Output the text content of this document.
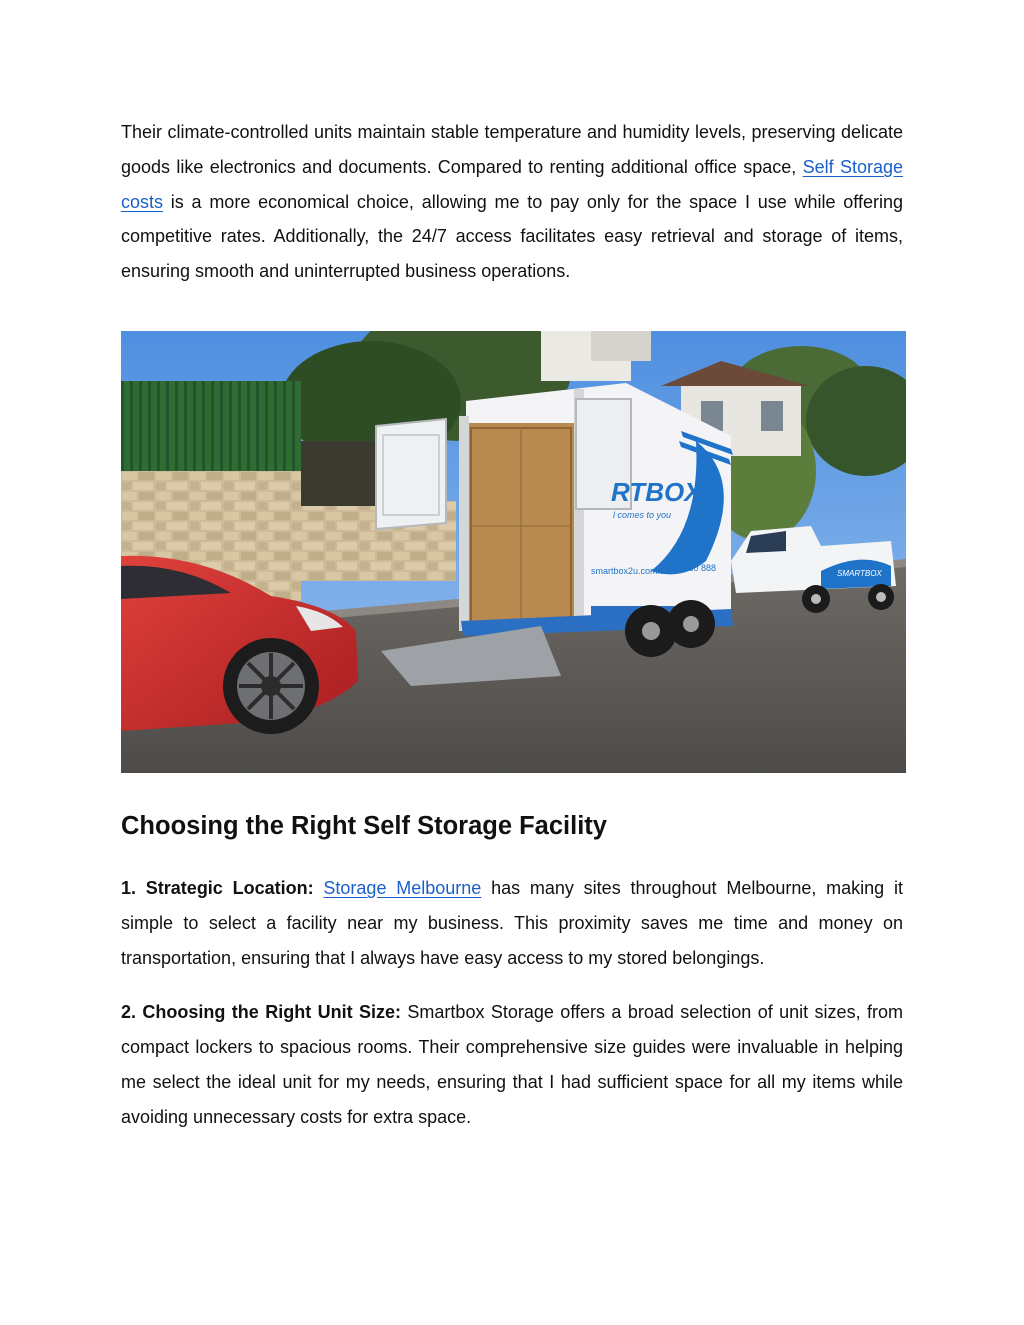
Their climate-controlled units maintain stable temperature and humidity levels, preserving delicate goods like electronics and documents. Compared to renting additional office space, Self Storage costs is a more economical choice, allowing me to pay only for the space I use while offering competitive rates. Additionally, the 24/7 access facilitates easy retrieval and storage of items, ensuring smooth and uninterrupted business operations.

RTBOX
l comes to you
smartbox2u.com.au
1300 880 888
SMARTBOX
Choosing the Right Self Storage Facility

1. Strategic Location: Storage Melbourne has many sites throughout Melbourne, making it simple to select a facility near my business. This proximity saves me time and money on transportation, ensuring that I always have easy access to my stored belongings.

2. Choosing the Right Unit Size: Smartbox Storage offers a broad selection of unit sizes, from compact lockers to spacious rooms. Their comprehensive size guides were invaluable in helping me select the ideal unit for my needs, ensuring that I had sufficient space for all my items while avoiding unnecessary costs for extra space.
